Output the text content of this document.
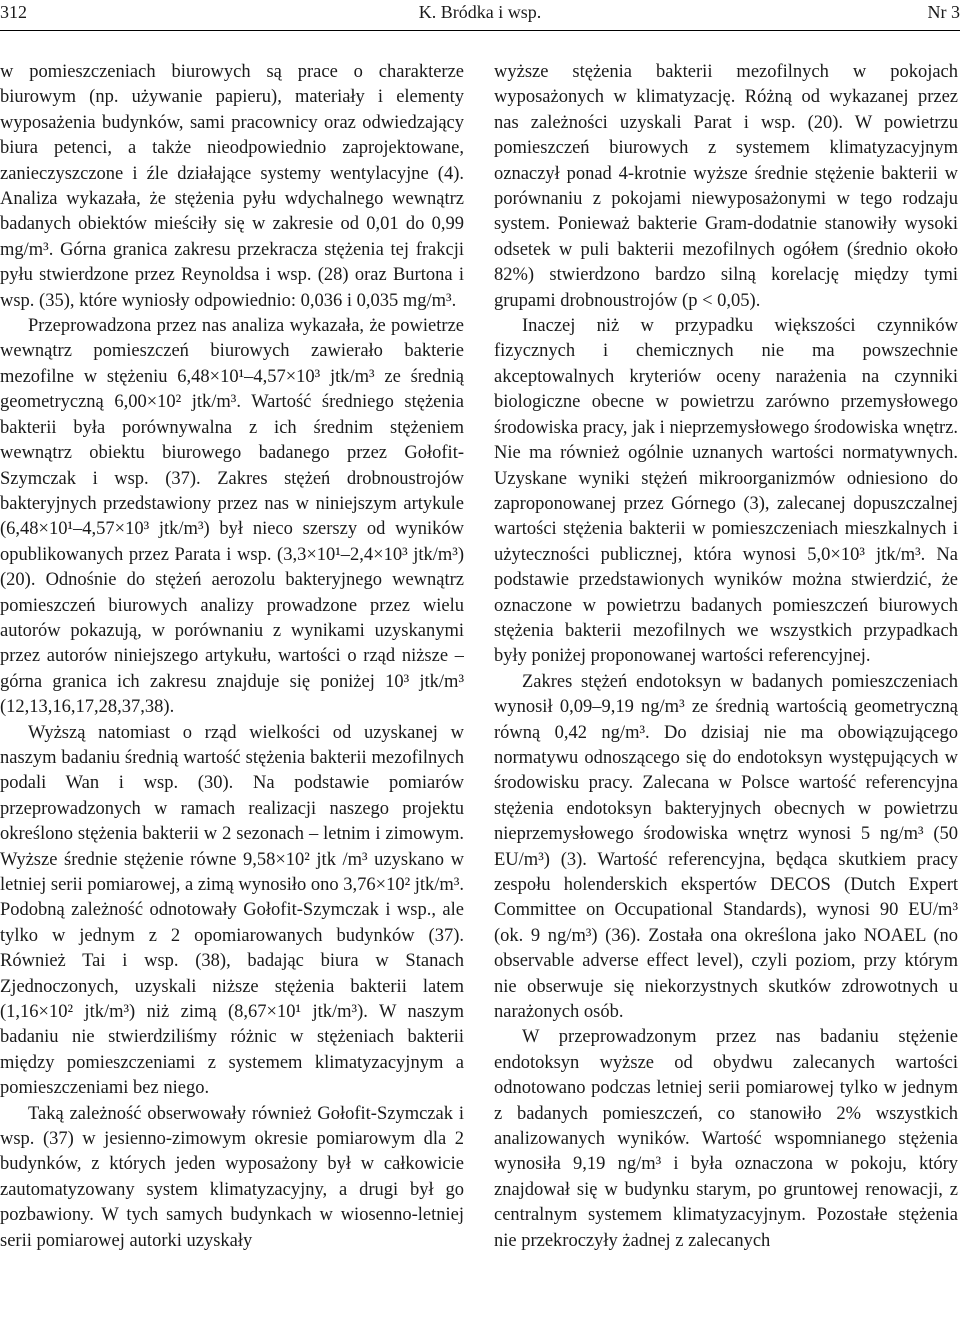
312	K. Bródka i wsp.	Nr 3

w pomieszczeniach biurowych są prace o charakterze biurowym (np. używanie papieru), materiały i elementy wyposażenia budynków, sami pracownicy oraz odwiedzający biura petenci, a także nieodpowiednio zaprojektowane, zanieczyszczone i źle działające systemy wentylacyjne (4). Analiza wykazała, że stężenia pyłu wdychalnego wewnątrz badanych obiektów mieściły się w zakresie od 0,01 do 0,99 mg/m³. Górna granica zakresu przekracza stężenia tej frakcji pyłu stwierdzone przez Reynoldsa i wsp. (28) oraz Burtona i wsp. (35), które wyniosły odpowiednio: 0,036 i 0,035 mg/m³.

Przeprowadzona przez nas analiza wykazała, że powietrze wewnątrz pomieszczeń biurowych zawierało bakterie mezofilne w stężeniu 6,48×10¹–4,57×10³ jtk/m³ ze średnią geometryczną 6,00×10² jtk/m³. Wartość średniego stężenia bakterii była porównywalna z ich średnim stężeniem wewnątrz obiektu biurowego badanego przez Gołofit-Szymczak i wsp. (37). Zakres stężeń drobnoustrojów bakteryjnych przedstawiony przez nas w niniejszym artykule (6,48×10¹–4,57×10³ jtk/m³) był nieco szerszy od wyników opublikowanych przez Parata i wsp. (3,3×10¹–2,4×10³ jtk/m³) (20). Odnośnie do stężeń aerozolu bakteryjnego wewnątrz pomieszczeń biurowych analizy prowadzone przez wielu autorów pokazują, w porównaniu z wynikami uzyskanymi przez autorów niniejszego artykułu, wartości o rząd niższe – górna granica ich zakresu znajduje się poniżej 10³ jtk/m³ (12,13,16,17,28,37,38).

Wyższą natomiast o rząd wielkości od uzyskanej w naszym badaniu średnią wartość stężenia bakterii mezofilnych podali Wan i wsp. (30). Na podstawie pomiarów przeprowadzonych w ramach realizacji naszego projektu określono stężenia bakterii w 2 sezonach – letnim i zimowym. Wyższe średnie stężenie równe 9,58×10² jtk /m³ uzyskano w letniej serii pomiarowej, a zimą wynosiło ono 3,76×10² jtk/m³. Podobną zależność odnotowały Gołofit-Szymczak i wsp., ale tylko w jednym z 2 opomiarowanych budynków (37). Również Tai i wsp. (38), badając biura w Stanach Zjednoczonych, uzyskali niższe stężenia bakterii latem (1,16×10² jtk/m³) niż zimą (8,67×10¹ jtk/m³). W naszym badaniu nie stwierdziliśmy różnic w stężeniach bakterii między pomieszczeniami z systemem klimatyzacyjnym a pomieszczeniami bez niego.

Taką zależność obserwowały również Gołofit-Szymczak i wsp. (37) w jesienno-zimowym okresie pomiarowym dla 2 budynków, z których jeden wyposażony był w całkowicie zautomatyzowany system klimatyzacyjny, a drugi był go pozbawiony. W tych samych budynkach w wiosenno-letniej serii pomiarowej autorki uzyskały

wyższe stężenia bakterii mezofilnych w pokojach wyposażonych w klimatyzację. Różną od wykazanej przez nas zależności uzyskali Parat i wsp. (20). W powietrzu pomieszczeń biurowych z systemem klimatyzacyjnym oznaczył ponad 4-krotnie wyższe średnie stężenie bakterii w porównaniu z pokojami niewyposażonymi w tego rodzaju system. Ponieważ bakterie Gram-dodatnie stanowiły wysoki odsetek w puli bakterii mezofilnych ogółem (średnio około 82%) stwierdzono bardzo silną korelację między tymi grupami drobnoustrojów (p < 0,05).

Inaczej niż w przypadku większości czynników fizycznych i chemicznych nie ma powszechnie akceptowalnych kryteriów oceny narażenia na czynniki biologiczne obecne w powietrzu zarówno przemysłowego środowiska pracy, jak i nieprzemysłowego środowiska wnętrz. Nie ma również ogólnie uznanych wartości normatywnych. Uzyskane wyniki stężeń mikroorganizmów odniesiono do zaproponowanej przez Górnego (3), zalecanej dopuszczalnej wartości stężenia bakterii w pomieszczeniach mieszkalnych i użyteczności publicznej, która wynosi 5,0×10³ jtk/m³. Na podstawie przedstawionych wyników można stwierdzić, że oznaczone w powietrzu badanych pomieszczeń biurowych stężenia bakterii mezofilnych we wszystkich przypadkach były poniżej proponowanej wartości referencyjnej.

Zakres stężeń endotoksyn w badanych pomieszczeniach wynosił 0,09–9,19 ng/m³ ze średnią wartością geometryczną równą 0,42 ng/m³. Do dzisiaj nie ma obowiązującego normatywu odnoszącego się do endotoksyn występujących w środowisku pracy. Zalecana w Polsce wartość referencyjna stężenia endotoksyn bakteryjnych obecnych w powietrzu nieprzemysłowego środowiska wnętrz wynosi 5 ng/m³ (50 EU/m³) (3). Wartość referencyjna, będąca skutkiem pracy zespołu holenderskich ekspertów DECOS (Dutch Expert Committee on Occupational Standards), wynosi 90 EU/m³ (ok. 9 ng/m³) (36). Została ona określona jako NOAEL (no observable adverse effect level), czyli poziom, przy którym nie obserwuje się niekorzystnych skutków zdrowotnych u narażonych osób.

W przeprowadzonym przez nas badaniu stężenie endotoksyn wyższe od obydwu zalecanych wartości odnotowano podczas letniej serii pomiarowej tylko w jednym z badanych pomieszczeń, co stanowiło 2% wszystkich analizowanych wyników. Wartość wspomnianego stężenia wynosiła 9,19 ng/m³ i była oznaczona w pokoju, który znajdował się w budynku starym, po gruntowej renowacji, z centralnym systemem klimatyzacyjnym. Pozostałe stężenia nie przekroczyły żadnej z zalecanych
